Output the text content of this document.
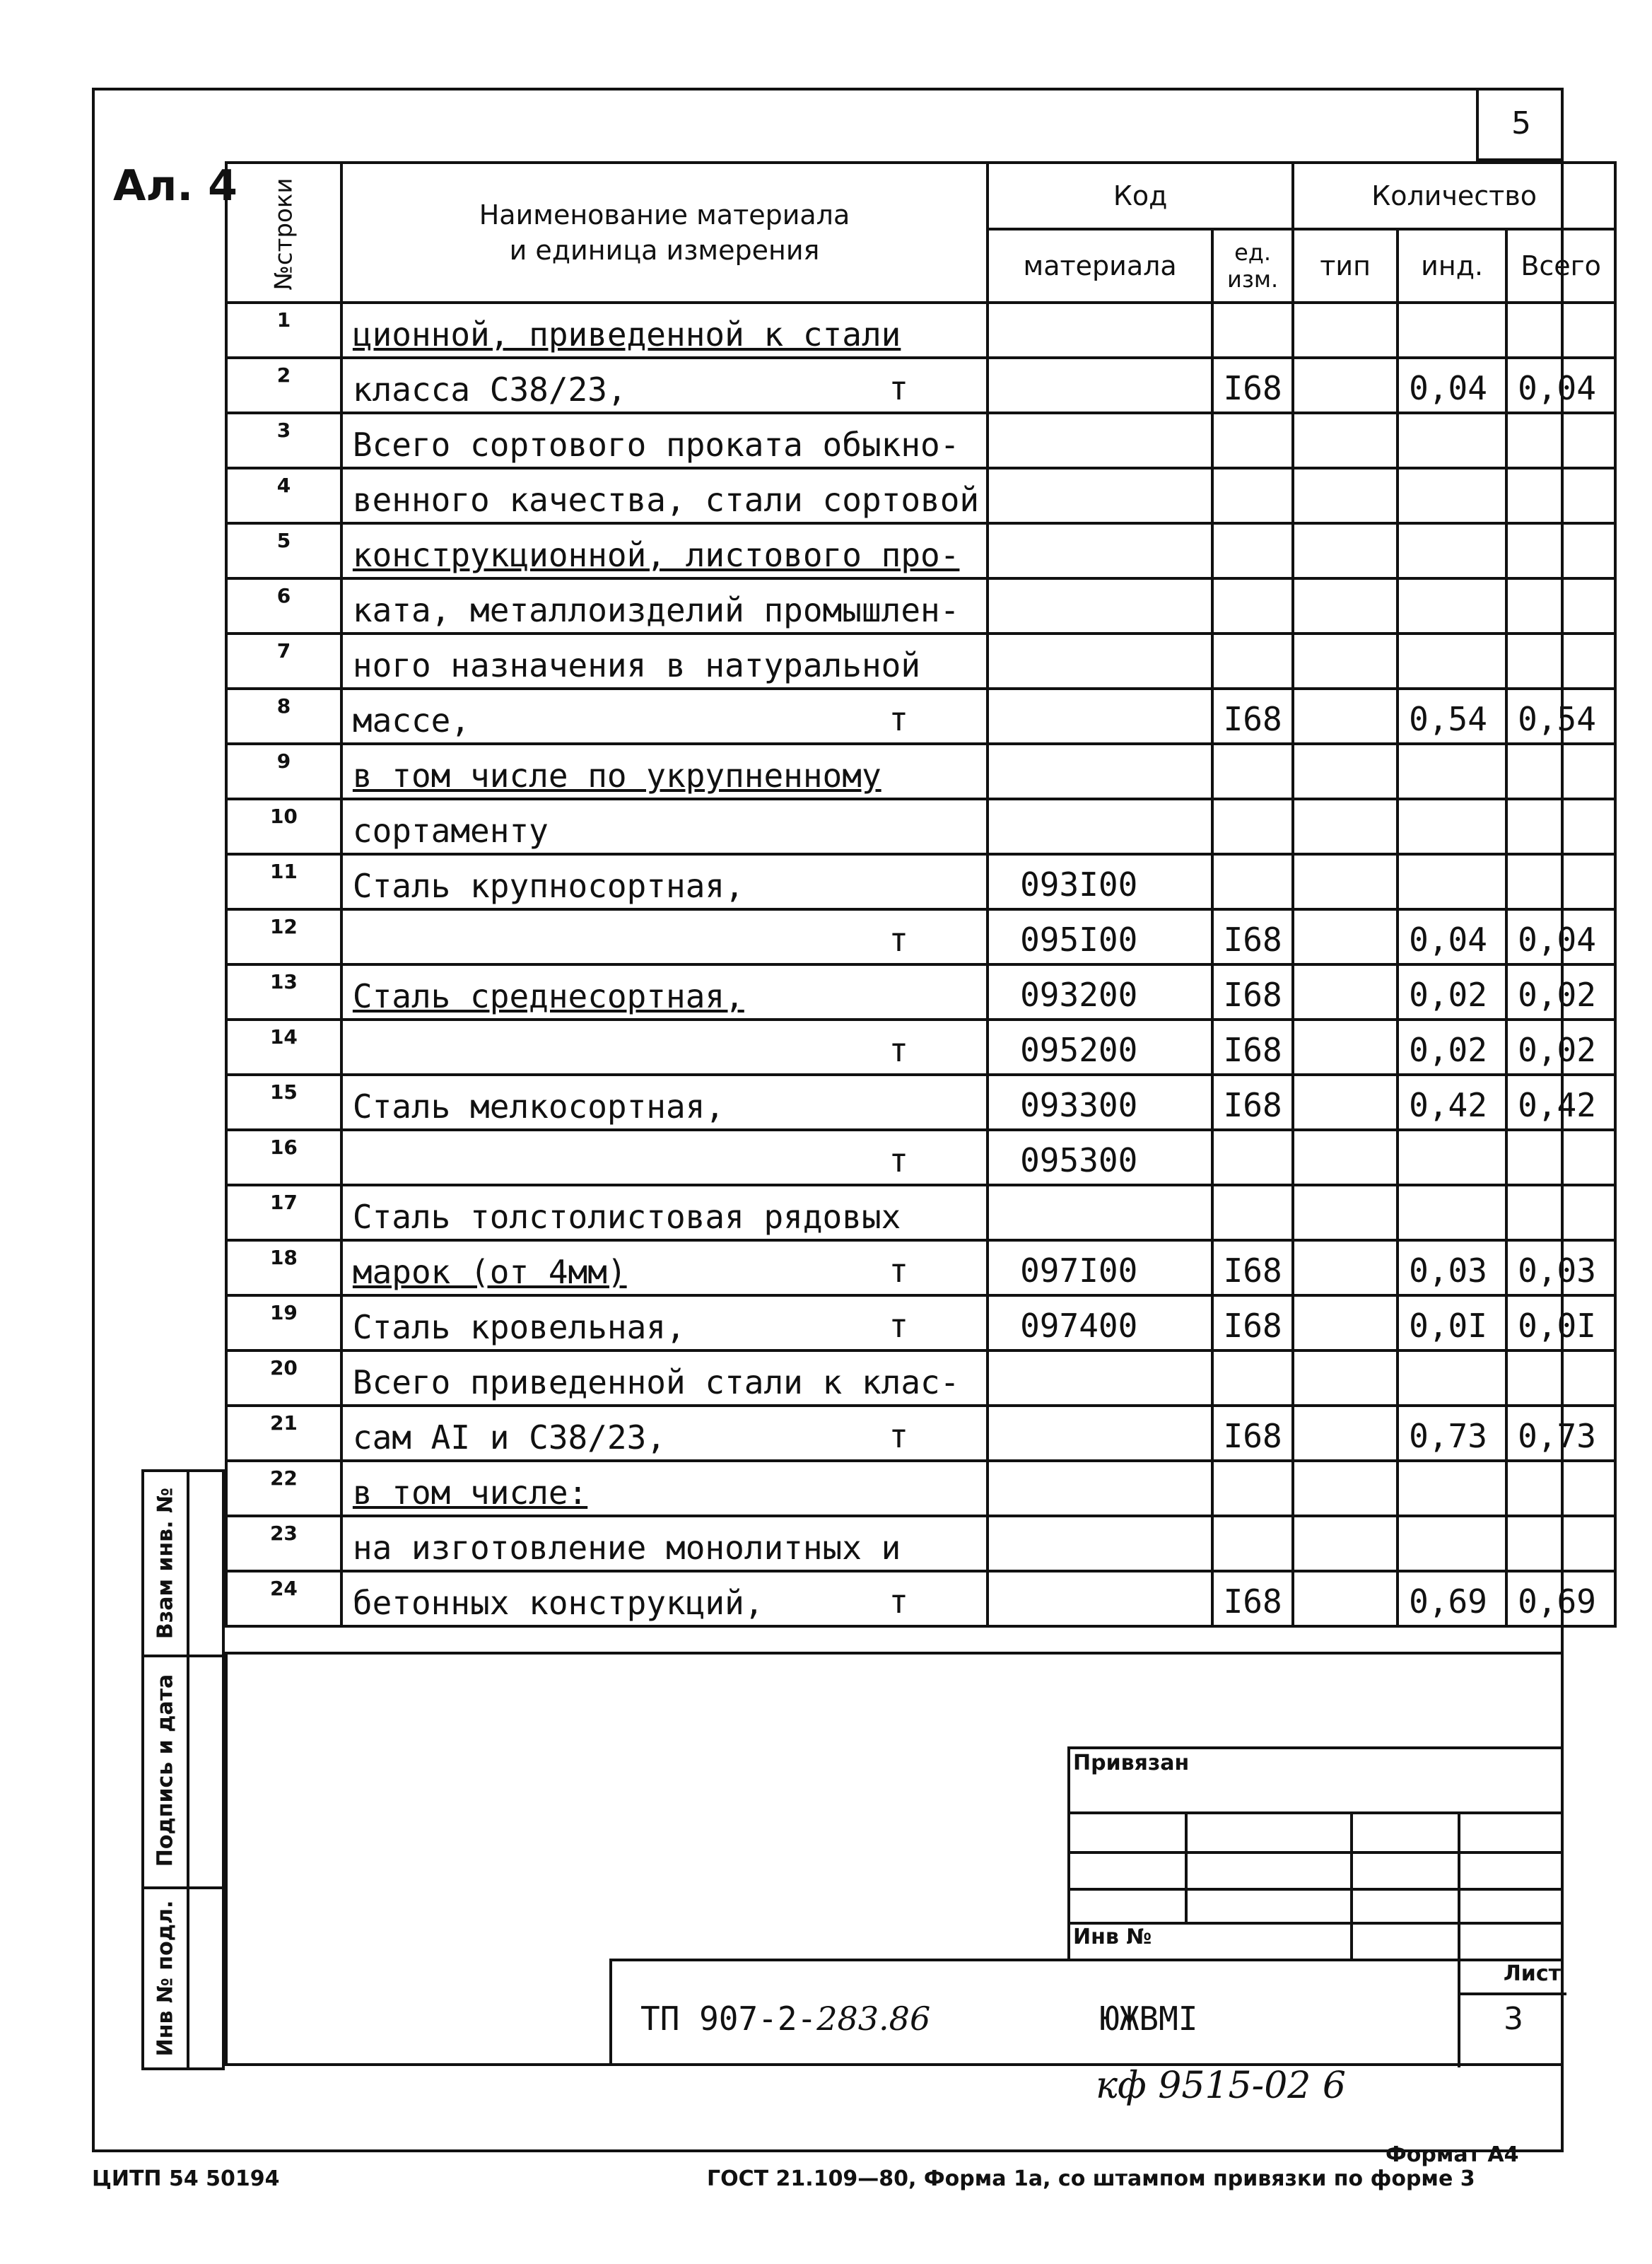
5
Ал. 4 №строки	Наименование материала
и единица измерения	Код		Количество		
		материала	ед. изм.	тип	инд.	Всего
1	ционной, приведенной к стали

2	класса С38/23, т		I68		0,04	0,04
3	Всего сортового проката обыкно-

4	венного качества, стали сортовой

5	конструкционной, листового про-

6	ката, металлоизделий промышлен-

7	ного назначения в натуральной

8	массе, т		I68		0,54	0,54
9	в том числе по укрупненному

10	сортаменту

11	Сталь крупносортная,	093I00				
12	т	095I00	I68		0,04	0,04
13	Сталь среднесортная,	093200	I68		0,02	0,02
14	т	095200	I68		0,02	0,02
15	Сталь мелкосортная,	093300	I68		0,42	0,42
16	т	095300				
17	Сталь толстолистовая рядовых

18	марок (от 4мм) т	097I00	I68		0,03	0,03
19	Сталь кровельная, т	097400	I68		0,0I	0,0I
20	Всего приведенной стали к клас-

21	сам AI и С38/23, т		I68		0,73	0,73
22	в том числе:

23	на изготовление монолитных и

24	бетонных конструкций, т		I68		0,69	0,69
Взам инв. №
Подпись и дата
Инв № подл.
Привязан
Инв №
ТП 907-2-283.86	ЮЖВМI
Лист
3
кф 9515-02 6
Формат А4
ЦИТП 54 50194	ГОСТ 21.109—80, Форма 1а, со штампом привязки по форме 3
